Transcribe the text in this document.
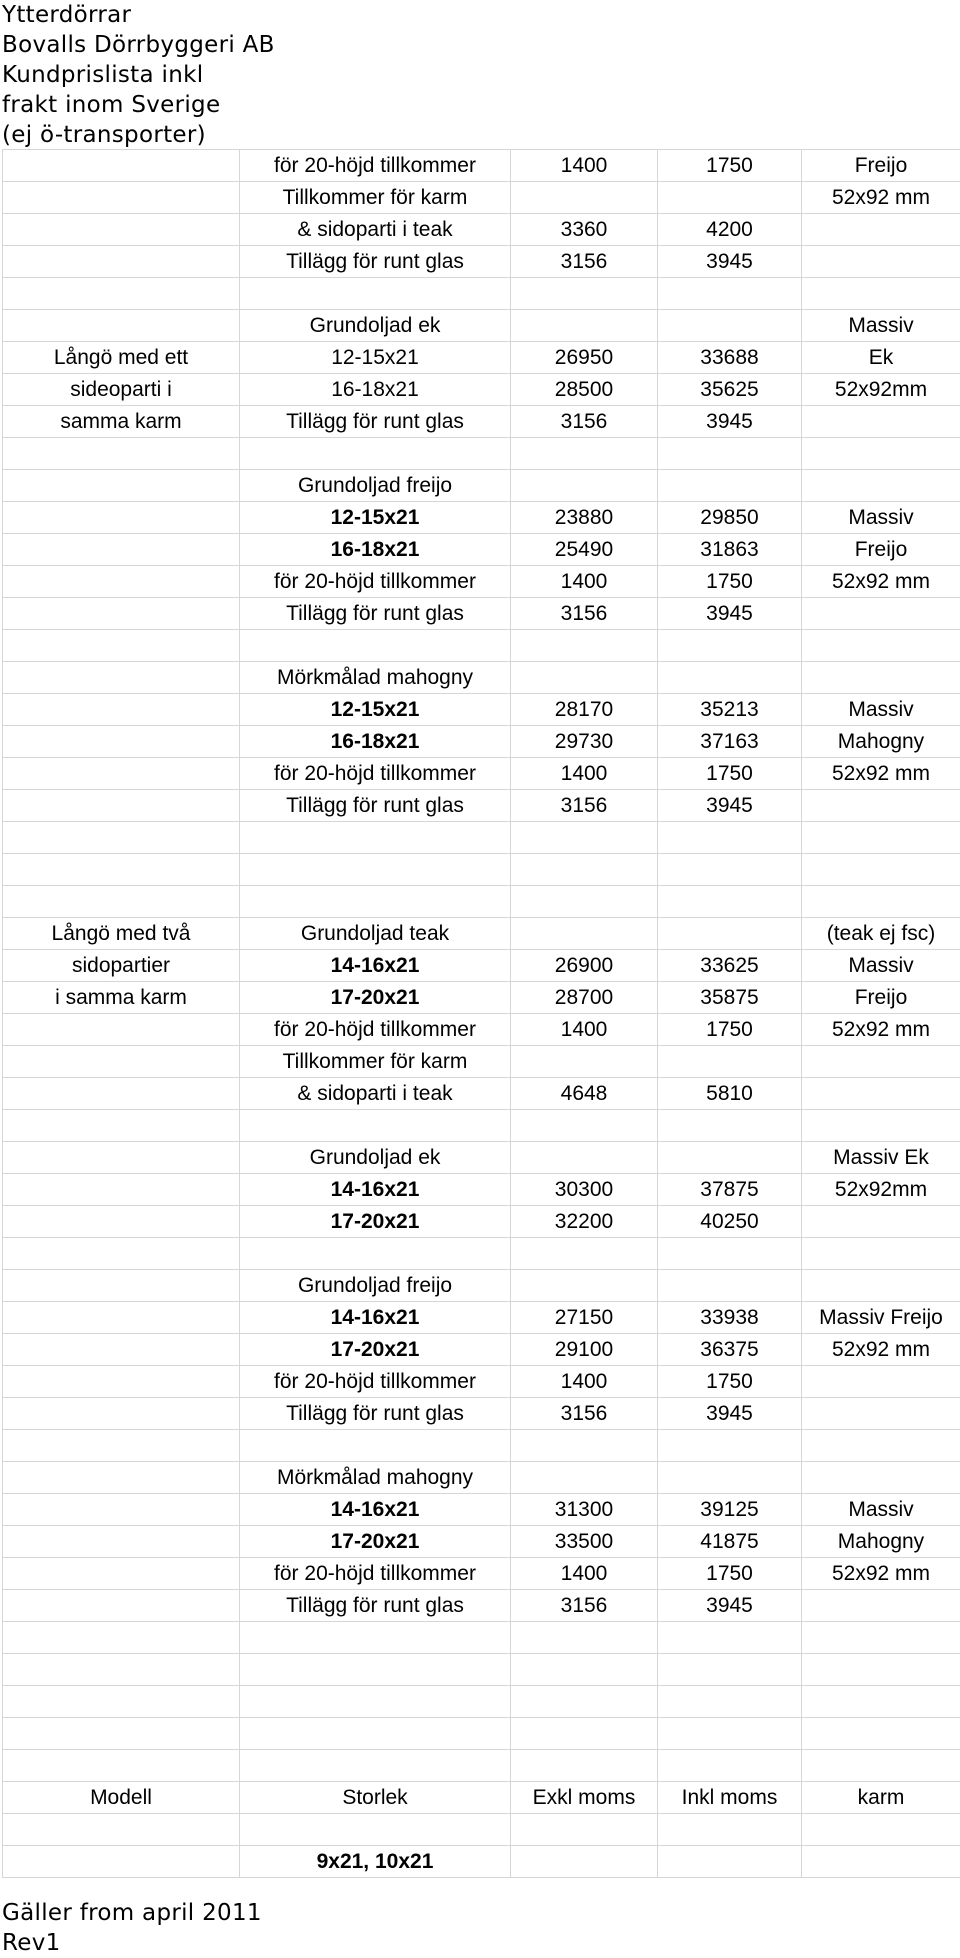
Ytterdörrar
Bovalls Dörrbyggeri AB
Kundprislista inkl
frakt inom Sverige
(ej ö-transporter)
	för 20-höjd tillkommer	1400	1750	Freijo
	Tillkommer för karm			52x92 mm
	& sidoparti i teak	3360	4200	
	Tillägg för runt glas	3156	3945	

	Grundoljad ek			Massiv
Långö med ett	12-15x21	26950	33688	Ek
sideoparti i	16-18x21	28500	35625	52x92mm
samma karm	Tillägg för runt glas	3156	3945	

	Grundoljad freijo			
	12-15x21	23880	29850	Massiv
	16-18x21	25490	31863	Freijo
	för 20-höjd tillkommer	1400	1750	52x92 mm
	Tillägg för runt glas	3156	3945	

	Mörkmålad mahogny			
	12-15x21	28170	35213	Massiv
	16-18x21	29730	37163	Mahogny
	för 20-höjd tillkommer	1400	1750	52x92 mm
	Tillägg för runt glas	3156	3945	

Långö med två	Grundoljad teak			(teak ej fsc)
sidopartier	14-16x21	26900	33625	Massiv
i samma karm	17-20x21	28700	35875	Freijo
	för 20-höjd tillkommer	1400	1750	52x92 mm
	Tillkommer för karm			
	& sidoparti i teak	4648	5810	

	Grundoljad ek			Massiv Ek
	14-16x21	30300	37875	52x92mm
	17-20x21	32200	40250	

	Grundoljad freijo			
	14-16x21	27150	33938	Massiv Freijo
	17-20x21	29100	36375	52x92 mm
	för 20-höjd tillkommer	1400	1750	
	Tillägg för runt glas	3156	3945	

	Mörkmålad mahogny			
	14-16x21	31300	39125	Massiv
	17-20x21	33500	41875	Mahogny
	för 20-höjd tillkommer	1400	1750	52x92 mm
	Tillägg för runt glas	3156	3945	

Modell	Storlek	Exkl moms	Inkl moms	karm

	9x21, 10x21			
Gäller from april 2011
Rev1
